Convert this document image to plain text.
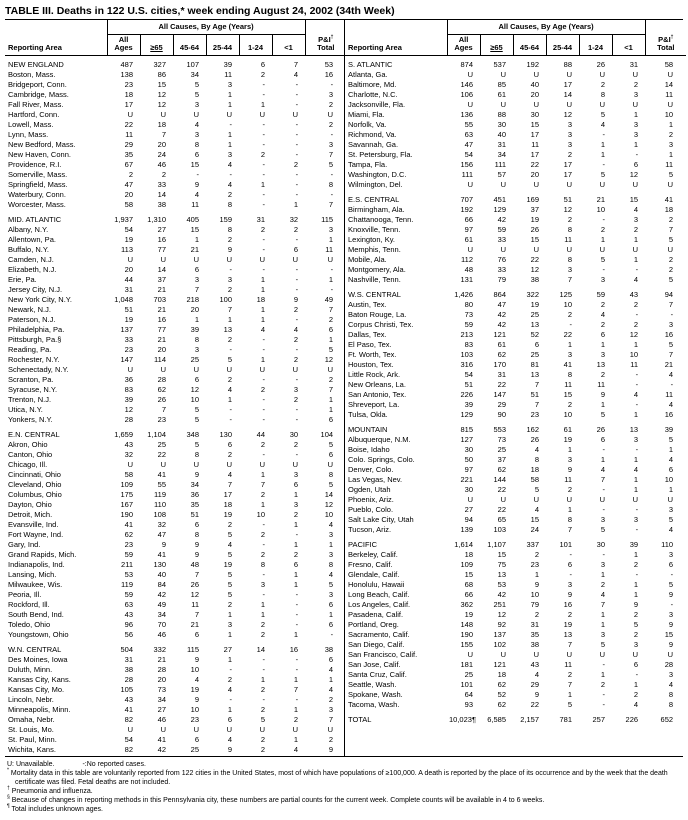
TABLE III. Deaths in 122 U.S. cities,* week ending August 24, 2002 (34th Week)
	All Causes, By Age (Years)						
Reporting Area	All Ages	≥65	45-64	25-44	1-24	<1	P&I†
Total

NEW ENGLAND	487	327	107	39	6	7	53
Boston, Mass.	138	86	34	11	2	4	16
Bridgeport, Conn.	23	15	5	3	-	-	-
Cambridge, Mass.	18	12	5	1	-	-	3
Fall River, Mass.	17	12	3	1	1	-	2
Hartford, Conn.	U	U	U	U	U	U	U
Lowell, Mass.	22	18	4	-	-	-	2
Lynn, Mass.	11	7	3	1	-	-	-
New Bedford, Mass.	29	20	8	1	-	-	3
New Haven, Conn.	35	24	6	3	2	-	7
Providence, R.I.	67	46	15	4	-	2	5
Somerville, Mass.	2	2	-	-	-	-	-
Springfield, Mass.	47	33	9	4	1	-	8
Waterbury, Conn.	20	14	4	2	-	-	-
Worcester, Mass.	58	38	11	8	-	1	7

MID. ATLANTIC	1,937	1,310	405	159	31	32	115
Albany, N.Y.	54	27	15	8	2	2	3
Allentown, Pa.	19	16	1	2	-	-	1
Buffalo, N.Y.	113	77	21	9	-	6	11
Camden, N.J.	U	U	U	U	U	U	U
Elizabeth, N.J.	20	14	6	-	-	-	-
Erie, Pa.	44	37	3	3	1	-	1
Jersey City, N.J.	31	21	7	2	1	-	-
New York City, N.Y.	1,048	703	218	100	18	9	49
Newark, N.J.	51	21	20	7	1	2	7
Paterson, N.J.	19	16	1	1	1	-	2
Philadelphia, Pa.	137	77	39	13	4	4	6
Pittsburgh, Pa.§	33	21	8	2	-	2	1
Reading, Pa.	23	20	3	-	-	-	5
Rochester, N.Y.	147	114	25	5	1	2	12
Schenectady, N.Y.	U	U	U	U	U	U	U
Scranton, Pa.	36	28	6	2	-	-	2
Syracuse, N.Y.	83	62	12	4	2	3	7
Trenton, N.J.	39	26	10	1	-	2	1
Utica, N.Y.	12	7	5	-	-	-	1
Yonkers, N.Y.	28	23	5	-	-	-	6

E.N. CENTRAL	1,659	1,104	348	130	44	30	104
Akron, Ohio	43	25	5	6	2	2	5
Canton, Ohio	32	22	8	2	-	-	6
Chicago, Ill.	U	U	U	U	U	U	U
Cincinnati, Ohio	58	41	9	4	1	3	8
Cleveland, Ohio	109	55	34	7	7	6	5
Columbus, Ohio	175	119	36	17	2	1	14
Dayton, Ohio	167	110	35	18	1	3	12
Detroit, Mich.	190	108	51	19	10	2	10
Evansville, Ind.	41	32	6	2	-	1	4
Fort Wayne, Ind.	62	47	8	5	2	-	3
Gary, Ind.	23	9	9	4	-	1	1
Grand Rapids, Mich.	59	41	9	5	2	2	3
Indianapolis, Ind.	211	130	48	19	8	6	8
Lansing, Mich.	53	40	7	5	-	1	4
Milwaukee, Wis.	119	84	26	5	3	1	5
Peoria, Ill.	59	42	12	5	-	-	3
Rockford, Ill.	63	49	11	2	1	-	6
South Bend, Ind.	43	34	7	1	1	-	1
Toledo, Ohio	96	70	21	3	2	-	6
Youngstown, Ohio	56	46	6	1	2	1	-

W.N. CENTRAL	504	332	115	27	14	16	38
Des Moines, Iowa	31	21	9	1	-	-	6
Duluth, Minn.	38	28	10	-	-	-	4
Kansas City, Kans.	28	20	4	2	1	1	1
Kansas City, Mo.	105	73	19	4	2	7	4
Lincoln, Nebr.	43	34	9	-	-	-	2
Minneapolis, Minn.	41	27	10	1	2	1	3
Omaha, Nebr.	82	46	23	6	5	2	7
St. Louis, Mo.	U	U	U	U	U	U	U
St. Paul, Minn.	54	41	6	4	2	1	2
Wichita, Kans.	82	42	25	9	2	4	9
	All Causes, By Age (Years)						
Reporting Area	All Ages	≥65	45-64	25-44	1-24	<1	P&I†
Total

S. ATLANTIC	874	537	192	88	26	31	58
Atlanta, Ga.	U	U	U	U	U	U	U
Baltimore, Md.	146	85	40	17	2	2	14
Charlotte, N.C.	106	61	20	14	8	3	11
Jacksonville, Fla.	U	U	U	U	U	U	U
Miami, Fla.	136	88	30	12	5	1	10
Norfolk, Va.	55	30	15	3	4	3	1
Richmond, Va.	63	40	17	3	-	3	2
Savannah, Ga.	47	31	11	3	1	1	3
St. Petersburg, Fla.	54	34	17	2	1	-	1
Tampa, Fla.	156	111	22	17	-	6	11
Washington, D.C.	111	57	20	17	5	12	5
Wilmington, Del.	U	U	U	U	U	U	U

E.S. CENTRAL	707	451	169	51	21	15	41
Birmingham, Ala.	192	129	37	12	10	4	18
Chattanooga, Tenn.	66	42	19	2	-	3	2
Knoxville, Tenn.	97	59	26	8	2	2	7
Lexington, Ky.	61	33	15	11	1	1	5
Memphis, Tenn.	U	U	U	U	U	U	U
Mobile, Ala.	112	76	22	8	5	1	2
Montgomery, Ala.	48	33	12	3	-	-	2
Nashville, Tenn.	131	79	38	7	3	4	5

W.S. CENTRAL	1,426	864	322	125	59	43	94
Austin, Tex.	80	47	19	10	2	2	7
Baton Rouge, La.	73	42	25	2	4	-	-
Corpus Christi, Tex.	59	42	13	-	2	2	3
Dallas, Tex.	213	121	52	22	6	12	16
El Paso, Tex.	83	61	6	1	1	1	5
Ft. Worth, Tex.	103	62	25	3	3	10	7
Houston, Tex.	316	170	81	41	13	11	21
Little Rock, Ark.	54	31	13	8	2	-	4
New Orleans, La.	51	22	7	11	11	-	-
San Antonio, Tex.	226	147	51	15	9	4	11
Shreveport, La.	39	29	7	2	1	-	4
Tulsa, Okla.	129	90	23	10	5	1	16

MOUNTAIN	815	553	162	61	26	13	39
Albuquerque, N.M.	127	73	26	19	6	3	5
Boise, Idaho	30	25	4	1	-	-	1
Colo. Springs, Colo.	50	37	8	3	1	1	4
Denver, Colo.	97	62	18	9	4	4	6
Las Vegas, Nev.	221	144	58	11	7	1	10
Ogden, Utah	30	22	5	2	-	1	1
Phoenix, Ariz.	U	U	U	U	U	U	U
Pueblo, Colo.	27	22	4	1	-	-	3
Salt Lake City, Utah	94	65	15	8	3	3	5
Tucson, Ariz.	139	103	24	7	5	-	4

PACIFIC	1,614	1,107	337	101	30	39	110
Berkeley, Calif.	18	15	2	-	-	1	3
Fresno, Calif.	109	75	23	6	3	2	6
Glendale, Calif.	15	13	1	-	1	-	-
Honolulu, Hawaii	68	53	9	3	2	1	5
Long Beach, Calif.	66	42	10	9	4	1	9
Los Angeles, Calif.	362	251	79	16	7	9	-
Pasadena, Calif.	19	12	2	2	1	2	3
Portland, Oreg.	148	92	31	19	1	5	9
Sacramento, Calif.	190	137	35	13	3	2	15
San Diego, Calif.	155	102	38	7	5	3	9
San Francisco, Calif.	U	U	U	U	U	U	U
San Jose, Calif.	181	121	43	11	-	6	28
Santa Cruz, Calif.	25	18	4	2	1	-	3
Seattle, Wash.	101	62	29	7	2	1	4
Spokane, Wash.	64	52	9	1	-	2	8
Tacoma, Wash.	93	62	22	5	-	4	8

TOTAL	10,023¶	6,585	2,157	781	257	226	652
U: Unavailable.	-:No reported cases.
* Mortality data in this table are voluntarily reported from 122 cities in the United States, most of which have populations of ≥100,000. A death is reported by the place of its occurrence and by the week that the death certificate was filed. Fetal deaths are not included.
† Pneumonia and influenza.
§ Because of changes in reporting methods in this Pennsylvania city, these numbers are partial counts for the current week. Complete counts will be available in 4 to 6 weeks.
¶ Total includes unknown ages.
